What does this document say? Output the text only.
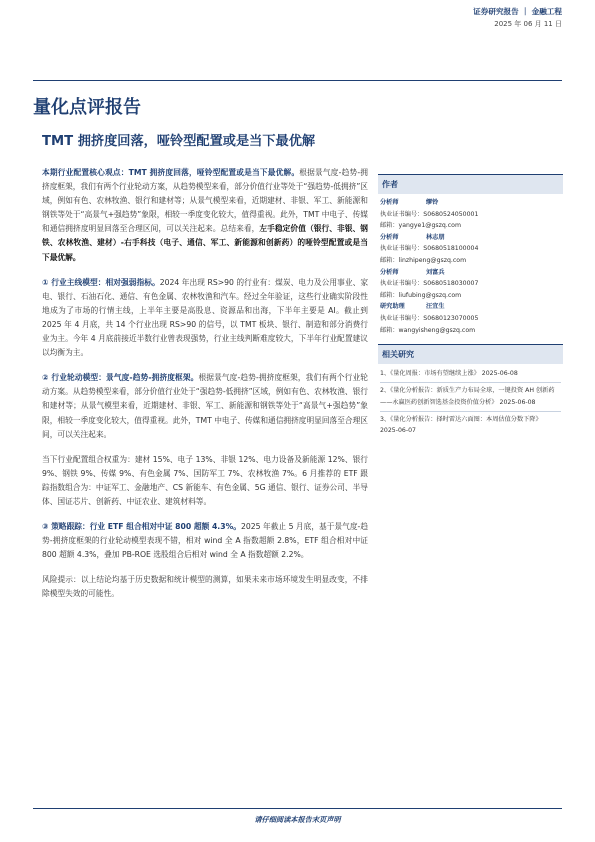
证券研究报告 ｜ 金融工程
2025 年 06 月 11 日
量化点评报告
TMT 拥挤度回落，哑铃型配置或是当下最优解

本期行业配置核心观点：TMT 拥挤度回落，哑铃型配置或是当下最优解。根据景气度-趋势-拥挤度框架，我们有两个行业轮动方案，从趋势模型来看，部分价值行业等处于“强趋势-低拥挤”区域，例如有色、农林牧渔、银行和建材等；从景气模型来看，近期建材、非银、军工、新能源和钢铁等处于“高景气+强趋势”象限，相较一季度变化较大，值得重视。此外，TMT 中电子、传媒和通信拥挤度明显回落至合理区间，可以关注起来。总结来看，左手稳定价值（银行、非银、钢铁、农林牧渔、建材）-右手科技（电子、通信、军工、新能源和创新药）的哑铃型配置或是当下最优解。

① 行业主线模型：相对强弱指标。2024 年出现 RS>90 的行业有：煤炭、电力及公用事业、家电、银行、石油石化、通信、有色金属、农林牧渔和汽车。经过全年验证，这些行业确实阶段性地成为了市场的行情主线，上半年主要是高股息、资源品和出海，下半年主要是 AI。截止到 2025 年 4 月底，共 14 个行业出现 RS>90 的信号，以 TMT 板块、银行、制造和部分消费行业为主。今年 4 月底前接近半数行业曾表现强势，行业主线判断难度较大，下半年行业配置建议以均衡为主。

② 行业轮动模型：景气度-趋势-拥挤度框架。根据景气度-趋势-拥挤度框架，我们有两个行业轮动方案。从趋势模型来看，部分价值行业处于“强趋势-低拥挤”区域，例如有色、农林牧渔、银行和建材等；从景气模型来看，近期建材、非银、军工、新能源和钢铁等处于“高景气+强趋势”象限，相较一季度变化较大，值得重视。此外，TMT 中电子、传媒和通信拥挤度明显回落至合理区间，可以关注起来。

当下行业配置组合权重为：建材 15%、电子 13%、非银 12%、电力设备及新能源 12%、银行 9%、钢铁 9%、传媒 9%、有色金属 7%、国防军工 7%、农林牧渔 7%。6 月推荐的 ETF 跟踪指数组合为：中证军工、金融地产、CS 新能车、有色金属、5G 通信、银行、证券公司、半导体、国证芯片、创新药、中证农业、建筑材料等。

③ 策略跟踪：行业 ETF 组合相对中证 800 超额 4.3%。2025 年截止 5 月底，基于景气度-趋势-拥挤度框架的行业轮动模型表现不错，相对 wind 全 A 指数超额 2.8%，ETF 组合相对中证 800 超额 4.3%，叠加 PB-ROE 选股组合后相对 wind 全 A 指数超额 2.2%。

风险提示：以上结论均基于历史数据和统计模型的测算，如果未来市场环境发生明显改变，不排除模型失效的可能性。

作者

分析师	缪铃

执业证书编号：S0680524050001

邮箱：yangye1@gszq.com

分析师	林志朋

执业证书编号：S0680518100004

邮箱：linzhipeng@gszq.com

分析师	刘富兵

执业证书编号：S0680518030007

邮箱：liufubing@gszq.com

研究助理	汪宜生

执业证书编号：S0680123070005

邮箱：wangyisheng@gszq.com

相关研究

1、《量化周报：市场有望继续上涨》 2025-06-08

2、《量化分析报告：新质生产力布局全球，一键投资 AH 创新药——永赢医药创新智选基金投资价值分析》 2025-06-08

3、《量化分析报告：择时雷达六面图：本周估值分数下降》 2025-06-07

请仔细阅读本报告末页声明
